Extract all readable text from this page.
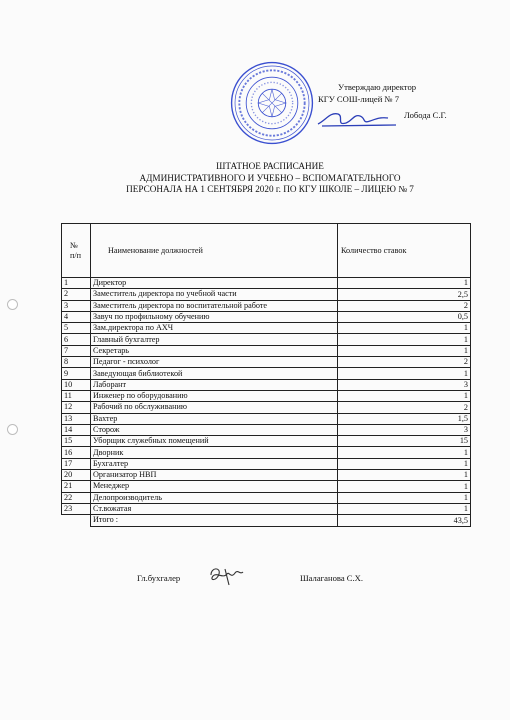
Утверждаю директор
КГУ СОШ-лицей № 7
Лобода С.Г.
ШТАТНОЕ РАСПИСАНИЕ
АДМИНИСТРАТИВНОГО И УЧЕБНО – ВСПОМАГАТЕЛЬНОГО
ПЕРСОНАЛА НА 1 СЕНТЯБРЯ 2020 г. ПО КГУ ШКОЛЕ – ЛИЦЕЮ № 7
№
п/п	Наименование должностей	Количество ставок
1	Директор	1
2	Заместитель директора по учебной части	2,5
3	Заместитель директора по воспитательной работе	2
4	Завуч по профильному обучению	0,5
5	Зам.директора по АХЧ	1
6	Главный бухгалтер	1
7	Секретарь	1
8	Педагог - психолог	2
9	Заведующая библиотекой	1
10	Лаборант	3
11	Инженер по оборудованию	1
12	Рабочий по обслуживанию	2
13	Вахтер	1,5
14	Сторож	3
15	Уборщик служебных помещений	15
16	Дворник	1
17	Бухгалтер	1
20	Организатор НВП	1
21	Менеджер	1
22	Делопроизводитель	1
23	Ст.вожатая	1
	Итого :	43,5
Гл.бухгалер	Шалаганова С.Х.
